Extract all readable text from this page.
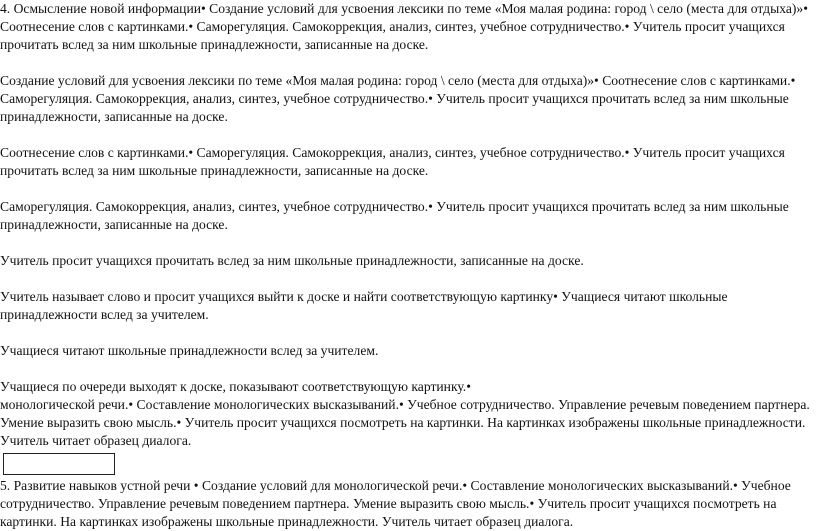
4. Осмысление новой информации• Создание условий для усвоения лексики по теме «Моя малая родина: город \ село (места для отдыха)»• Соотнесение слов с картинками.• Саморегуляция. Самокоррекция, анализ, синтез, учебное сотрудничество.• Учитель просит учащихся прочитать вслед за ним школьные принадлежности, записанные на доске.

Создание условий для усвоения лексики по теме «Моя малая родина: город \ село (места для отдыха)»• Соотнесение слов с картинками.• Саморегуляция. Самокоррекция, анализ, синтез, учебное сотрудничество.• Учитель просит учащихся прочитать вслед за ним школьные принадлежности, записанные на доске.

Соотнесение слов с картинками.• Саморегуляция. Самокоррекция, анализ, синтез, учебное сотрудничество.• Учитель просит учащихся прочитать вслед за ним школьные принадлежности, записанные на доске.

Саморегуляция. Самокоррекция, анализ, синтез, учебное сотрудничество.• Учитель просит учащихся прочитать вслед за ним школьные принадлежности, записанные на доске.

Учитель просит учащихся прочитать вслед за ним школьные принадлежности, записанные на доске.

Учитель называет слово и просит учащихся выйти к доске и найти соответствующую картинку• Учащиеся читают школьные принадлежности вслед за учителем.

Учащиеся читают школьные принадлежности вслед за учителем.

Учащиеся по очереди выходят к доске, показывают соответствующую картинку.•

монологической речи.• Составление монологических высказываний.• Учебное сотрудничество. Управление речевым поведением партнера. Умение выразить свою мысль.• Учитель просит учащихся посмотреть на картинки. На картинках изображены школьные принадлежности. Учитель читает образец диалога.

5. Развитие навыков устной речи • Создание условий для монологической речи.• Составление монологических высказываний.• Учебное сотрудничество. Управление речевым поведением партнера. Умение выразить свою мысль.• Учитель просит учащихся посмотреть на картинки. На картинках изображены школьные принадлежности. Учитель читает образец диалога.
